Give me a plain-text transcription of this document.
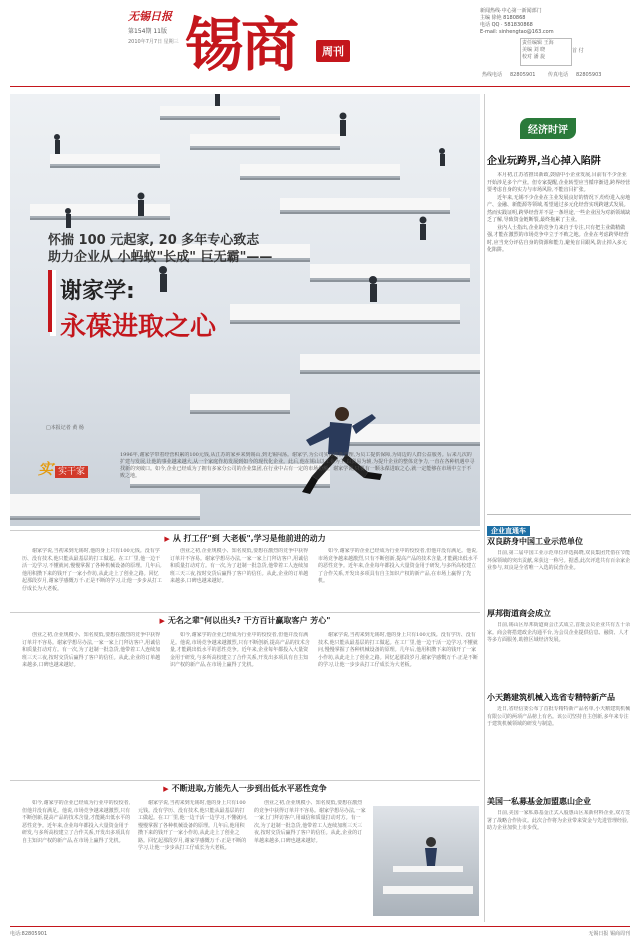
无锡日报
第154期 11版
2010年7月7日 星期三 锡商	周刊
新闻热线·中心第一新闻部门
主编 徐艳 8180868
电话 QQ · 581830868
E-mail: sinhengtao@163.com
责任编辑 王海
美编 刘 晓
校对 潘 旋
首 付
热线电话 82805901	传真电话 82805903
怀揣 100 元起家, 20 多年专心致志
助力企业从 小蚂蚁"长成" 巨无霸"——
谢家学:
永葆进取之心
□本报记者 黄 杨
实实干家

1996年,谢家学带着经营积累的100元钱,从江苏的家乡来到锡山,到无锡闯荡。谢家学,为公司实行创新管理,为员工提供保障,为周边的人群公益服务。后来几次的扩建与发展,让他的事业越来越大,从一个家庭作坊发展到如今的现代化企业。此后,他在锡山以工业为主,以贸易为辅,为提升企业的整体竞争力,一直在各种机遇中寻找新的突破口。如今,企业已经成为了拥有多家分公司的企业集团,在行业中占有一定的市场份额。谢家学说,只要有一颗永葆进取之心,就一定能够在市场中立于不败之地。

经济时评
企业玩跨界,当心掉入陷阱

本月初,江苏省推出新政,鼓励中小企业发展,目前有不少企业开始涉足多个产业。但专家提醒,企业转型应当循序渐进,跨界经营要考虑自身的实力与市场风险,不能盲目扩张。

近年来,无锡不少企业在主业发展良好的情况下,纷纷进入房地产、金融、新能源等领域,希望通过多元化经营实现跨越式发展。然而实践证明,跨界经营并不是一条坦途,一些企业因为对新领域缺乏了解,导致资金链断裂,最终拖累了主业。

业内人士指出,企业的竞争力来自于专注,只有把主业做精做强,才能在激烈的市场竞争中立于不败之地。企业在考虑跨界经营时,应当充分评估自身的资源和能力,避免盲目跟风,防止掉入多元化陷阱。

企业直通车
双良跻身中国工业示范单位

日前,第二届中国工业示范单位评选揭晓,双良集团凭借在节能环保领域的突出贡献,荣获这一称号。据悉,此次评选共有百余家企业参与,双良是全省唯一入选的民营企业。

厚邦街道商会成立

日前,锡山区厚邦街道商会正式成立,首批会员企业共有五十余家。商会将搭建政企沟通平台,为会员企业提供信息、融资、人才等多方面服务,助推区域经济发展。

小天鹅建筑机械入选省专精特新产品

近日,省经信委公布了首批专精特新产品名单,小天鹅建筑机械有限公司的两项产品榜上有名。该公司坚持自主创新,多年来专注于建筑机械领域的研发与制造。

美国一私募基金加盟惠山企业

日前,美国一家私募基金正式入股惠山区某新材料企业,双方签署了战略合作协议。此次合作将为企业带来资金与先进管理经验,助力企业加快上市步伐。

▶ 从 打工仔"到 大老板",学习是他前进的动力

谢家学说,当初来到无锡时,他的身上只有100元钱。没有学历、没有技术,他只能从最基层的打工做起。在工厂里,他一边干活一边学习,不懂就问,慢慢掌握了各种机械设备的原理。几年后,他用积攒下来的钱开了一家小作坊,从此走上了创业之路。回忆起那段岁月,谢家学感慨万千:正是不断的学习,让他一步步从打工仔成长为大老板。

创业之初,企业规模小、知名度低,要想在激烈的竞争中获得订单并不容易。谢家学想尽办法,一家一家上门拜访客户,用诚信和质量打动对方。有一次,为了赶制一批急货,他带着工人连续加班三天三夜,按时交货后赢得了客户的信任。从此,企业的订单越来越多,口碑也越来越好。

如今,谢家学的企业已经成为行业中的佼佼者,但他并没有满足。他说,市场竞争越来越激烈,只有不断创新,提高产品的技术含量,才能跳出低水平的恶性竞争。近年来,企业每年都投入大量资金用于研发,与多所高校建立了合作关系,开发出多项具有自主知识产权的新产品,在市场上赢得了先机。

▶ 无名之辈"何以出头? 干方百计赢取客户 芳心"

创业之初,企业规模小、知名度低,要想在激烈的竞争中获得订单并不容易。谢家学想尽办法,一家一家上门拜访客户,用诚信和质量打动对方。有一次,为了赶制一批急货,他带着工人连续加班三天三夜,按时交货后赢得了客户的信任。从此,企业的订单越来越多,口碑也越来越好。

如今,谢家学的企业已经成为行业中的佼佼者,但他并没有满足。他说,市场竞争越来越激烈,只有不断创新,提高产品的技术含量,才能跳出低水平的恶性竞争。近年来,企业每年都投入大量资金用于研发,与多所高校建立了合作关系,开发出多项具有自主知识产权的新产品,在市场上赢得了先机。

谢家学说,当初来到无锡时,他的身上只有100元钱。没有学历、没有技术,他只能从最基层的打工做起。在工厂里,他一边干活一边学习,不懂就问,慢慢掌握了各种机械设备的原理。几年后,他用积攒下来的钱开了一家小作坊,从此走上了创业之路。回忆起那段岁月,谢家学感慨万千:正是不断的学习,让他一步步从打工仔成长为大老板。

▶ 不断进取,方能先人一步到出低水平恶性竞争

如今,谢家学的企业已经成为行业中的佼佼者,但他并没有满足。他说,市场竞争越来越激烈,只有不断创新,提高产品的技术含量,才能跳出低水平的恶性竞争。近年来,企业每年都投入大量资金用于研发,与多所高校建立了合作关系,开发出多项具有自主知识产权的新产品,在市场上赢得了先机。

谢家学说,当初来到无锡时,他的身上只有100元钱。没有学历、没有技术,他只能从最基层的打工做起。在工厂里,他一边干活一边学习,不懂就问,慢慢掌握了各种机械设备的原理。几年后,他用积攒下来的钱开了一家小作坊,从此走上了创业之路。回忆起那段岁月,谢家学感慨万千:正是不断的学习,让他一步步从打工仔成长为大老板。

创业之初,企业规模小、知名度低,要想在激烈的竞争中获得订单并不容易。谢家学想尽办法,一家一家上门拜访客户,用诚信和质量打动对方。有一次,为了赶制一批急货,他带着工人连续加班三天三夜,按时交货后赢得了客户的信任。从此,企业的订单越来越多,口碑也越来越好。

电话:82805901	无锡日报 锡商周刊
